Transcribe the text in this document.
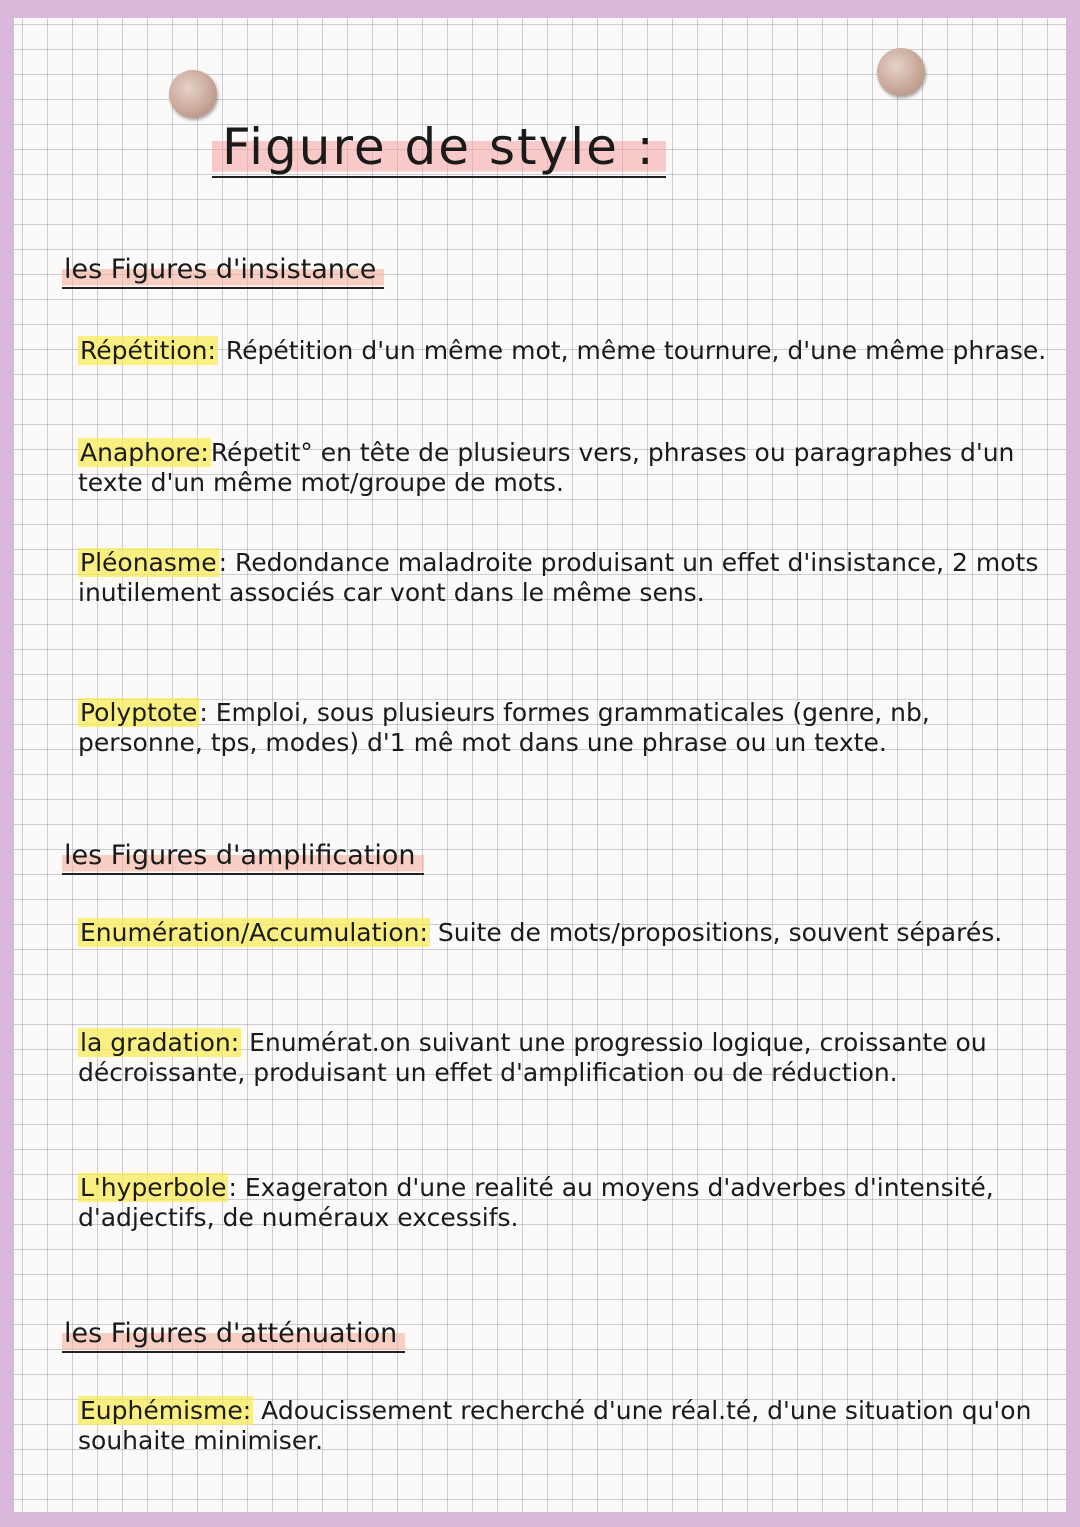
Figure de style :
les Figures d'insistance

Répétition: Répétition d'un même mot, même tournure, d'une même phrase.

Anaphore:Répetit° en tête de plusieurs vers, phrases ou paragraphes d'un texte d'un même mot/groupe de mots.

Pléonasme: Redondance maladroite produisant un effet d'insistance, 2 mots inutilement associés car vont dans le même sens.

Polyptote: Emploi, sous plusieurs formes grammaticales (genre, nb, personne, tps, modes) d'1 mê mot dans une phrase ou un texte.

les Figures d'amplification

Enumération/Accumulation: Suite de mots/propositions, souvent séparés.

la gradation: Enumérat.on suivant une progressio logique, croissante ou décroissante, produisant un effet d'amplification ou de réduction.

L'hyperbole: Exageraton d'une realité au moyens d'adverbes d'intensité, d'adjectifs, de numéraux excessifs.

les Figures d'atténuation

Euphémisme: Adoucissement recherché d'une réal.té, d'une situation qu'on souhaite minimiser.
